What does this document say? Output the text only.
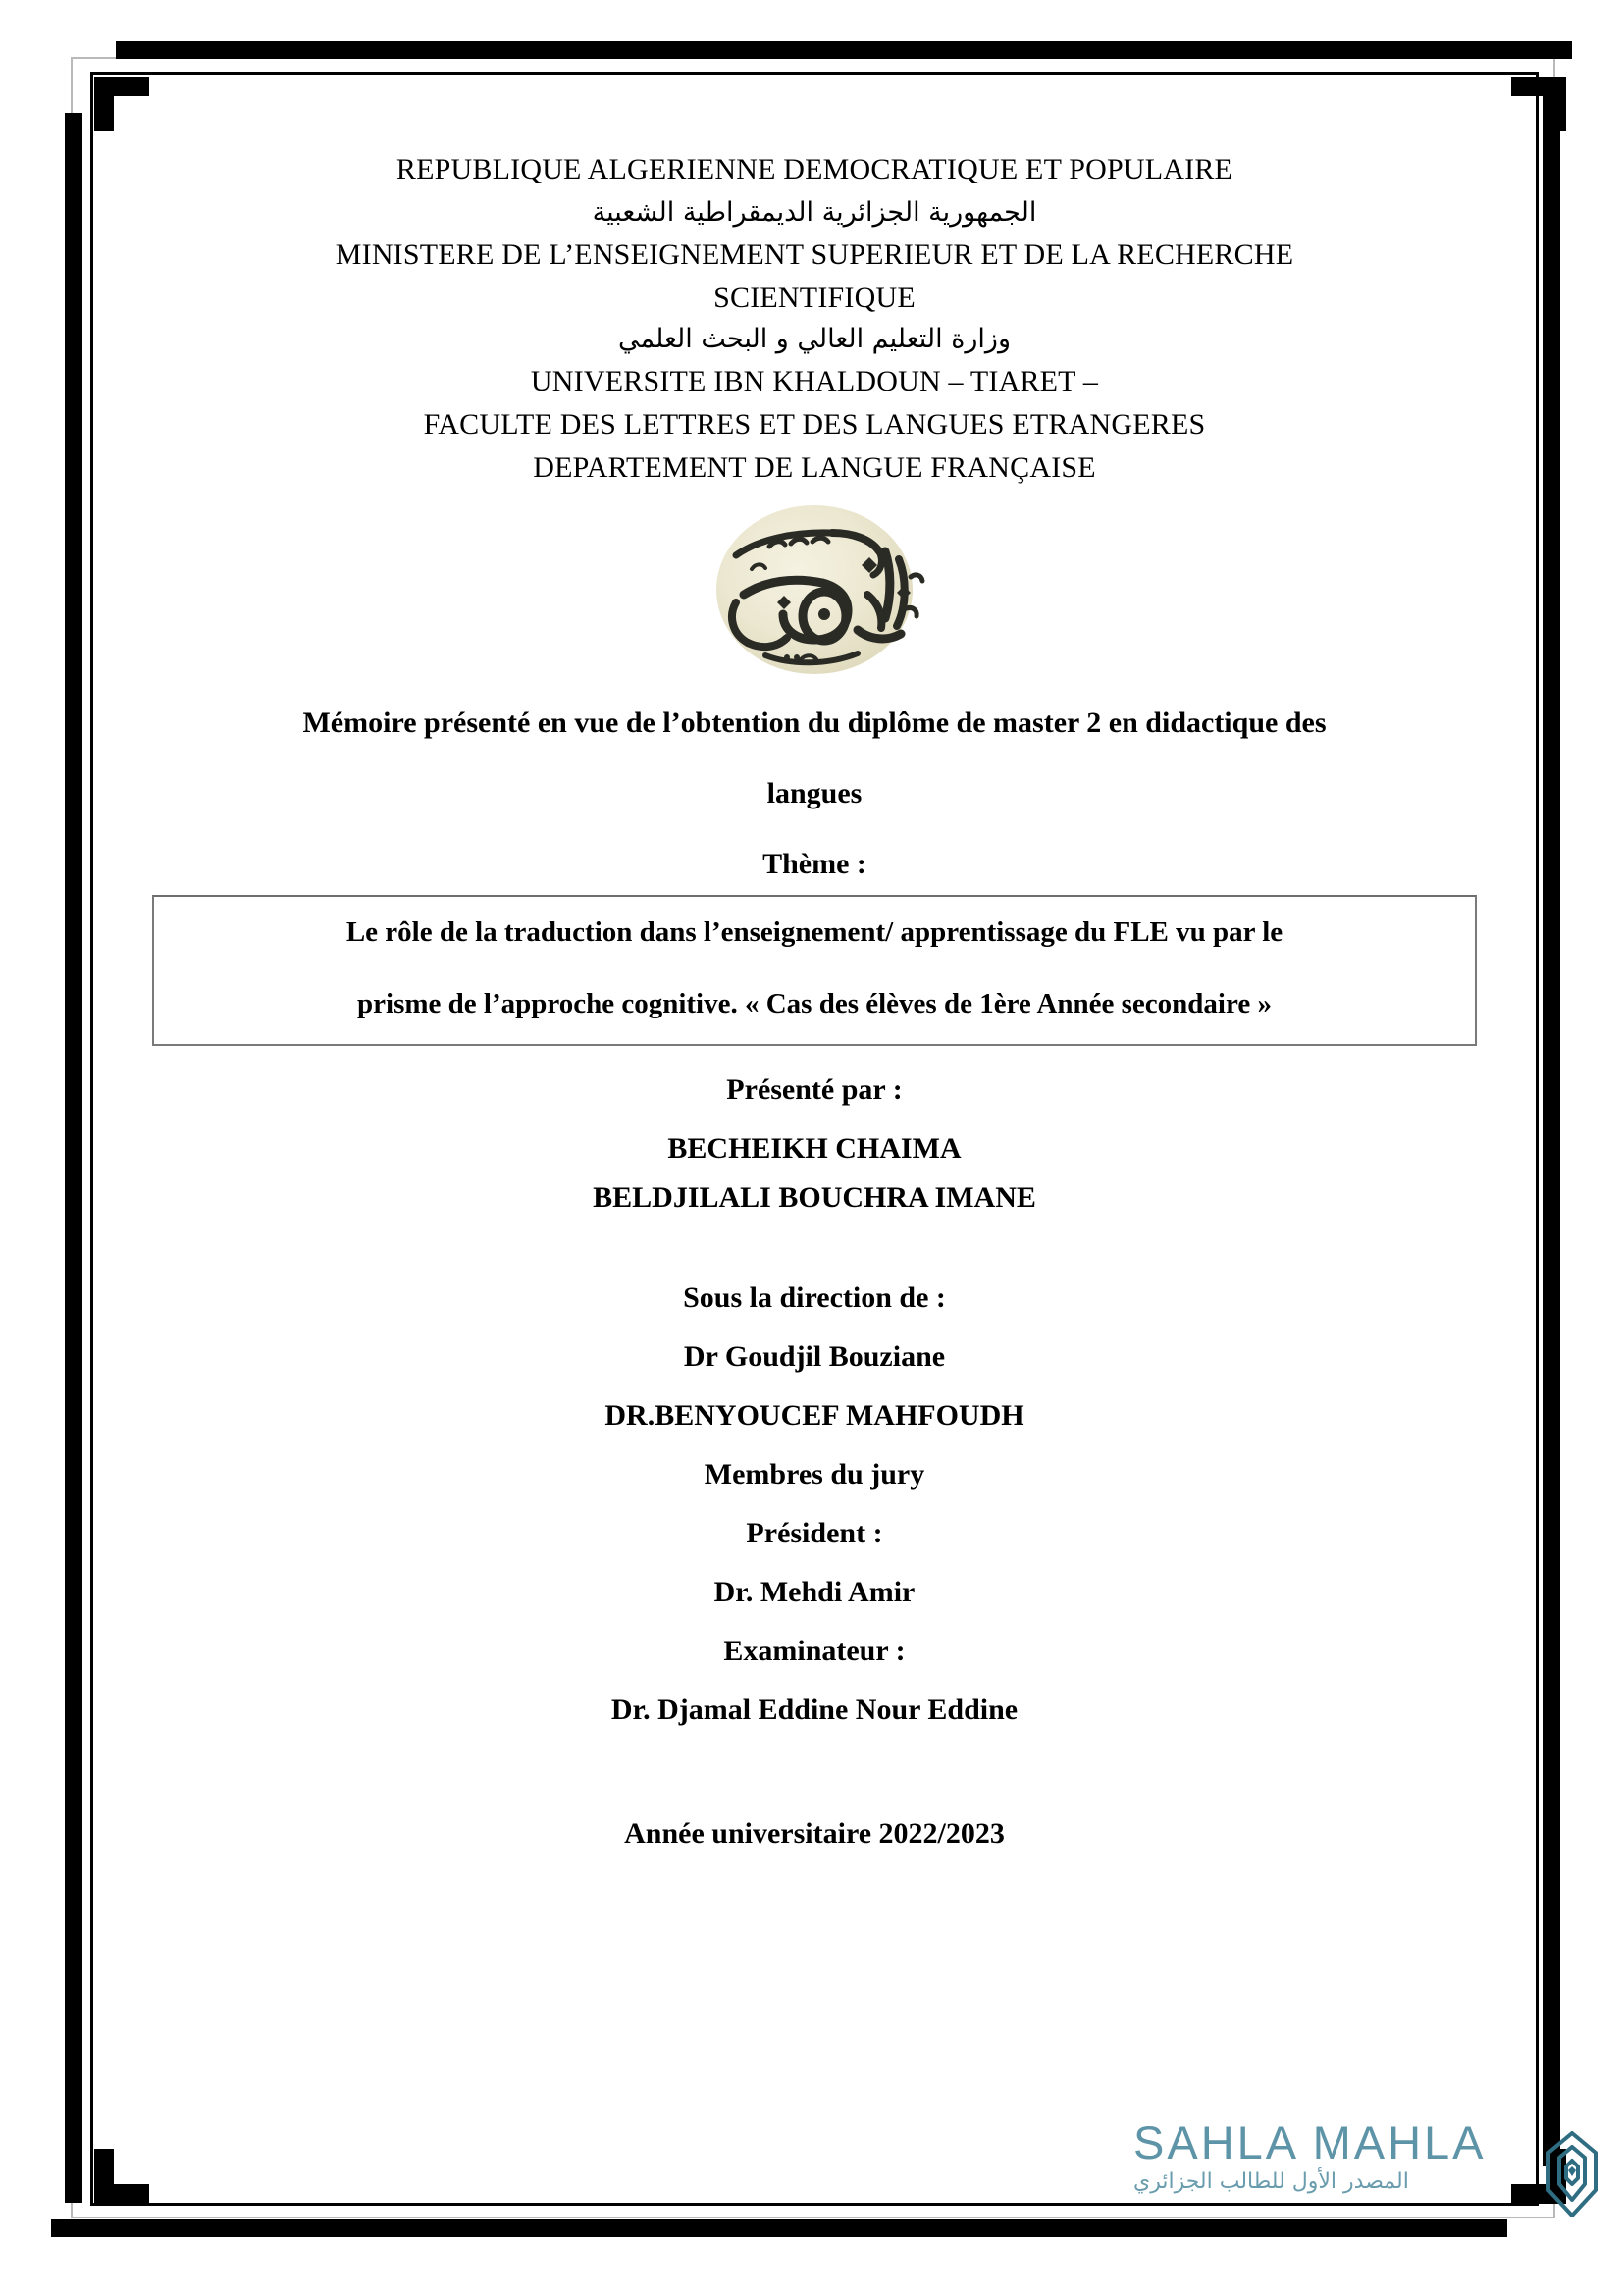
REPUBLIQUE ALGERIENNE DEMOCRATIQUE ET POPULAIRE

الجمهورية الجزائرية الديمقراطية الشعبية

MINISTERE DE L’ENSEIGNEMENT SUPERIEUR ET DE LA RECHERCHE

SCIENTIFIQUE

وزارة التعليم العالي و البحث العلمي

UNIVERSITE IBN KHALDOUN – TIARET –

FACULTE DES LETTRES ET DES LANGUES ETRANGERES

DEPARTEMENT DE LANGUE FRANÇAISE

Mémoire présenté en vue de l’obtention du diplôme de master 2 en didactique des

langues

Thème :

Le rôle de la traduction dans l’enseignement/ apprentissage du FLE vu par le

prisme de l’approche cognitive. « Cas des élèves de 1ère Année secondaire »

Présenté par :

BECHEIKH CHAIMA

BELDJILALI BOUCHRA IMANE

Sous la direction de :

Dr Goudjil Bouziane

DR.BENYOUCEF MAHFOUDH

Membres du jury

Président :

Dr. Mehdi Amir

Examinateur :

Dr. Djamal Eddine Nour Eddine

Année universitaire 2022/2023

SAHLA MAHLA
المصدر الأول للطالب الجزائري
